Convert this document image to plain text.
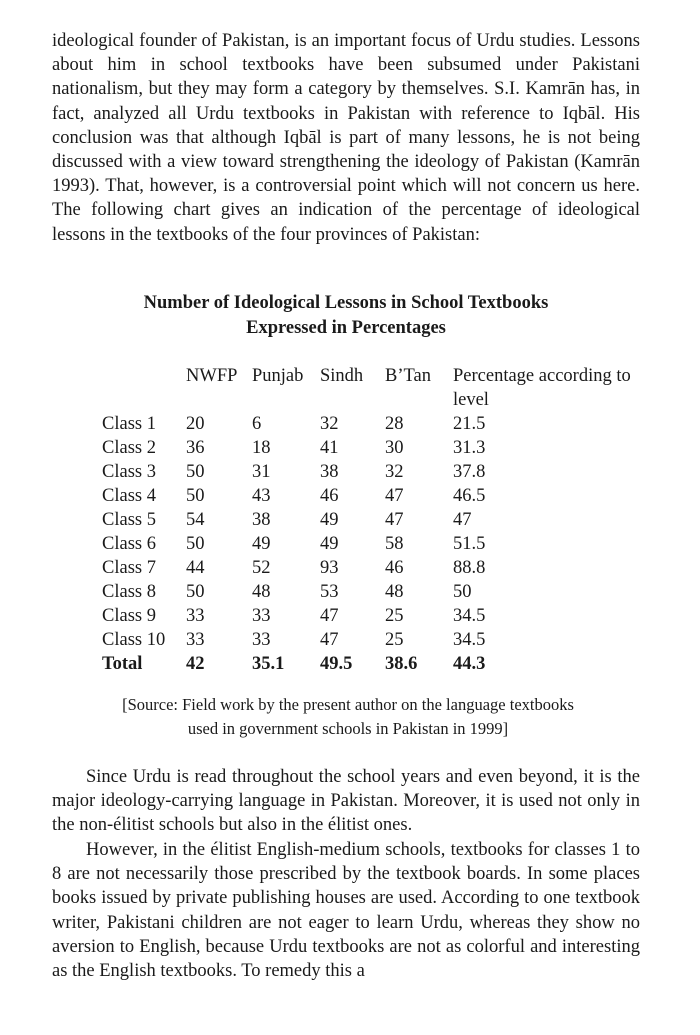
ideological founder of Pakistan, is an important focus of Urdu studies. Lessons about him in school textbooks have been subsumed under Pakistani nationalism, but they may form a category by themselves. S.I. Kamrān has, in fact, analyzed all Urdu textbooks in Pakistan with reference to Iqbāl. His conclusion was that although Iqbāl is part of many lessons, he is not being discussed with a view toward strengthening the ideology of Pakistan (Kamrān 1993). That, however, is a controversial point which will not concern us here. The following chart gives an indication of the percentage of ideological lessons in the textbooks of the four provinces of Pakistan:

Number of Ideological Lessons in School Textbooks
Expressed in Percentages
NWFP Punjab Sindh B’Tan Percentage according to level
Class 1 20	6	32	28	21.5
Class 2 36	18	41	30	31.3
Class 3 50	31	38	32	37.8
Class 4 50	43	46	47	46.5
Class 5 54	38	49	47	47
Class 6 50	49	49	58	51.5
Class 7 44	52	93	46	88.8
Class 8 50	48	53	48	50
Class 9 33	33	47	25	34.5
Class 10 33	33	47	25	34.5
Total 42	35.1 49.5 38.6 44.3
[Source: Field work by the present author on the language textbooks
used in government schools in Pakistan in 1999]

Since Urdu is read throughout the school years and even beyond, it is the major ideology-carrying language in Pakistan. Moreover, it is used not only in the non-élitist schools but also in the élitist ones.

However, in the élitist English-medium schools, textbooks for classes 1 to 8 are not necessarily those prescribed by the textbook boards. In some places books issued by private publishing houses are used. According to one textbook writer, Pakistani children are not eager to learn Urdu, whereas they show no aversion to English, because Urdu textbooks are not as colorful and interesting as the English textbooks. To remedy this a
